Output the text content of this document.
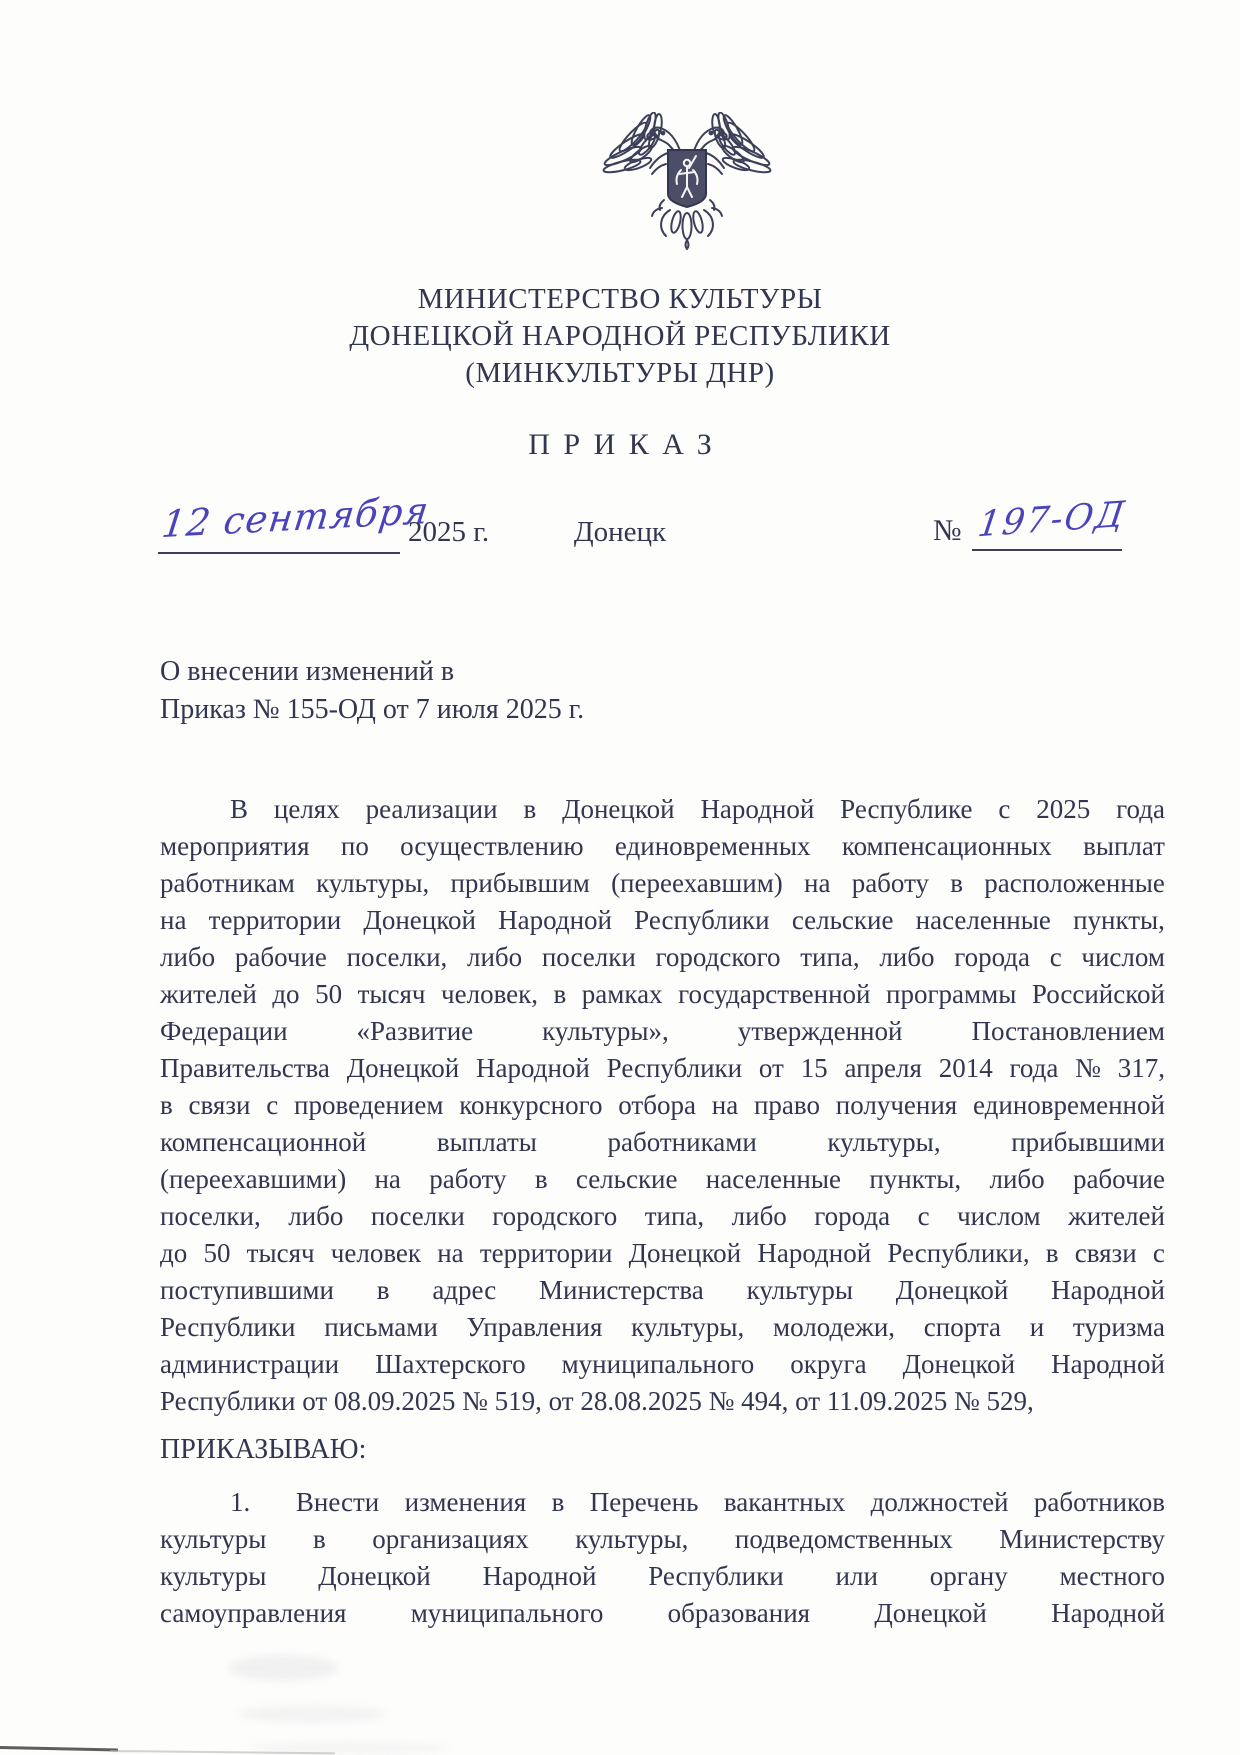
МИНИСТЕРСТВО КУЛЬТУРЫ
ДОНЕЦКОЙ НАРОДНОЙ РЕСПУБЛИКИ
(МИНКУЛЬТУРЫ ДНР)
ПРИКАЗ
12 сентября
2025 г.	Донецк	№ 197-ОД
О внесении изменений в
Приказ № 155-ОД от 7 июля 2025 г.
В целях реализации в Донецкой Народной Республике с 2025 года
мероприятия по осуществлению единовременных компенсационных выплат
работникам культуры, прибывшим (переехавшим) на работу в расположенные
на территории Донецкой Народной Республики сельские населенные пункты,
либо рабочие поселки, либо поселки городского типа, либо города с числом
жителей до 50 тысяч человек, в рамках государственной программы Российской
Федерации	«Развитие	культуры»,	утвержденной	Постановлением
Правительства Донецкой Народной Республики от 15 апреля 2014 года № 317,
в связи с проведением конкурсного отбора на право получения единовременной
компенсационной	выплаты	работниками	культуры,	прибывшими
(переехавшими) на работу в сельские населенные пункты, либо рабочие
поселки, либо поселки городского типа, либо города с числом жителей
до 50 тысяч человек на территории Донецкой Народной Республики, в связи с
поступившими в адрес Министерства культуры Донецкой Народной
Республики письмами Управления культуры, молодежи, спорта и туризма
администрации Шахтерского муниципального округа Донецкой Народной
Республики от 08.09.2025 № 519, от 28.08.2025 № 494, от 11.09.2025 № 529,
ПРИКАЗЫВАЮ:
1. Внести изменения в Перечень вакантных должностей работников
культуры в организациях культуры, подведомственных Министерству
культуры Донецкой Народной Республики или органу местного
самоуправления муниципального образования Донецкой Народной
